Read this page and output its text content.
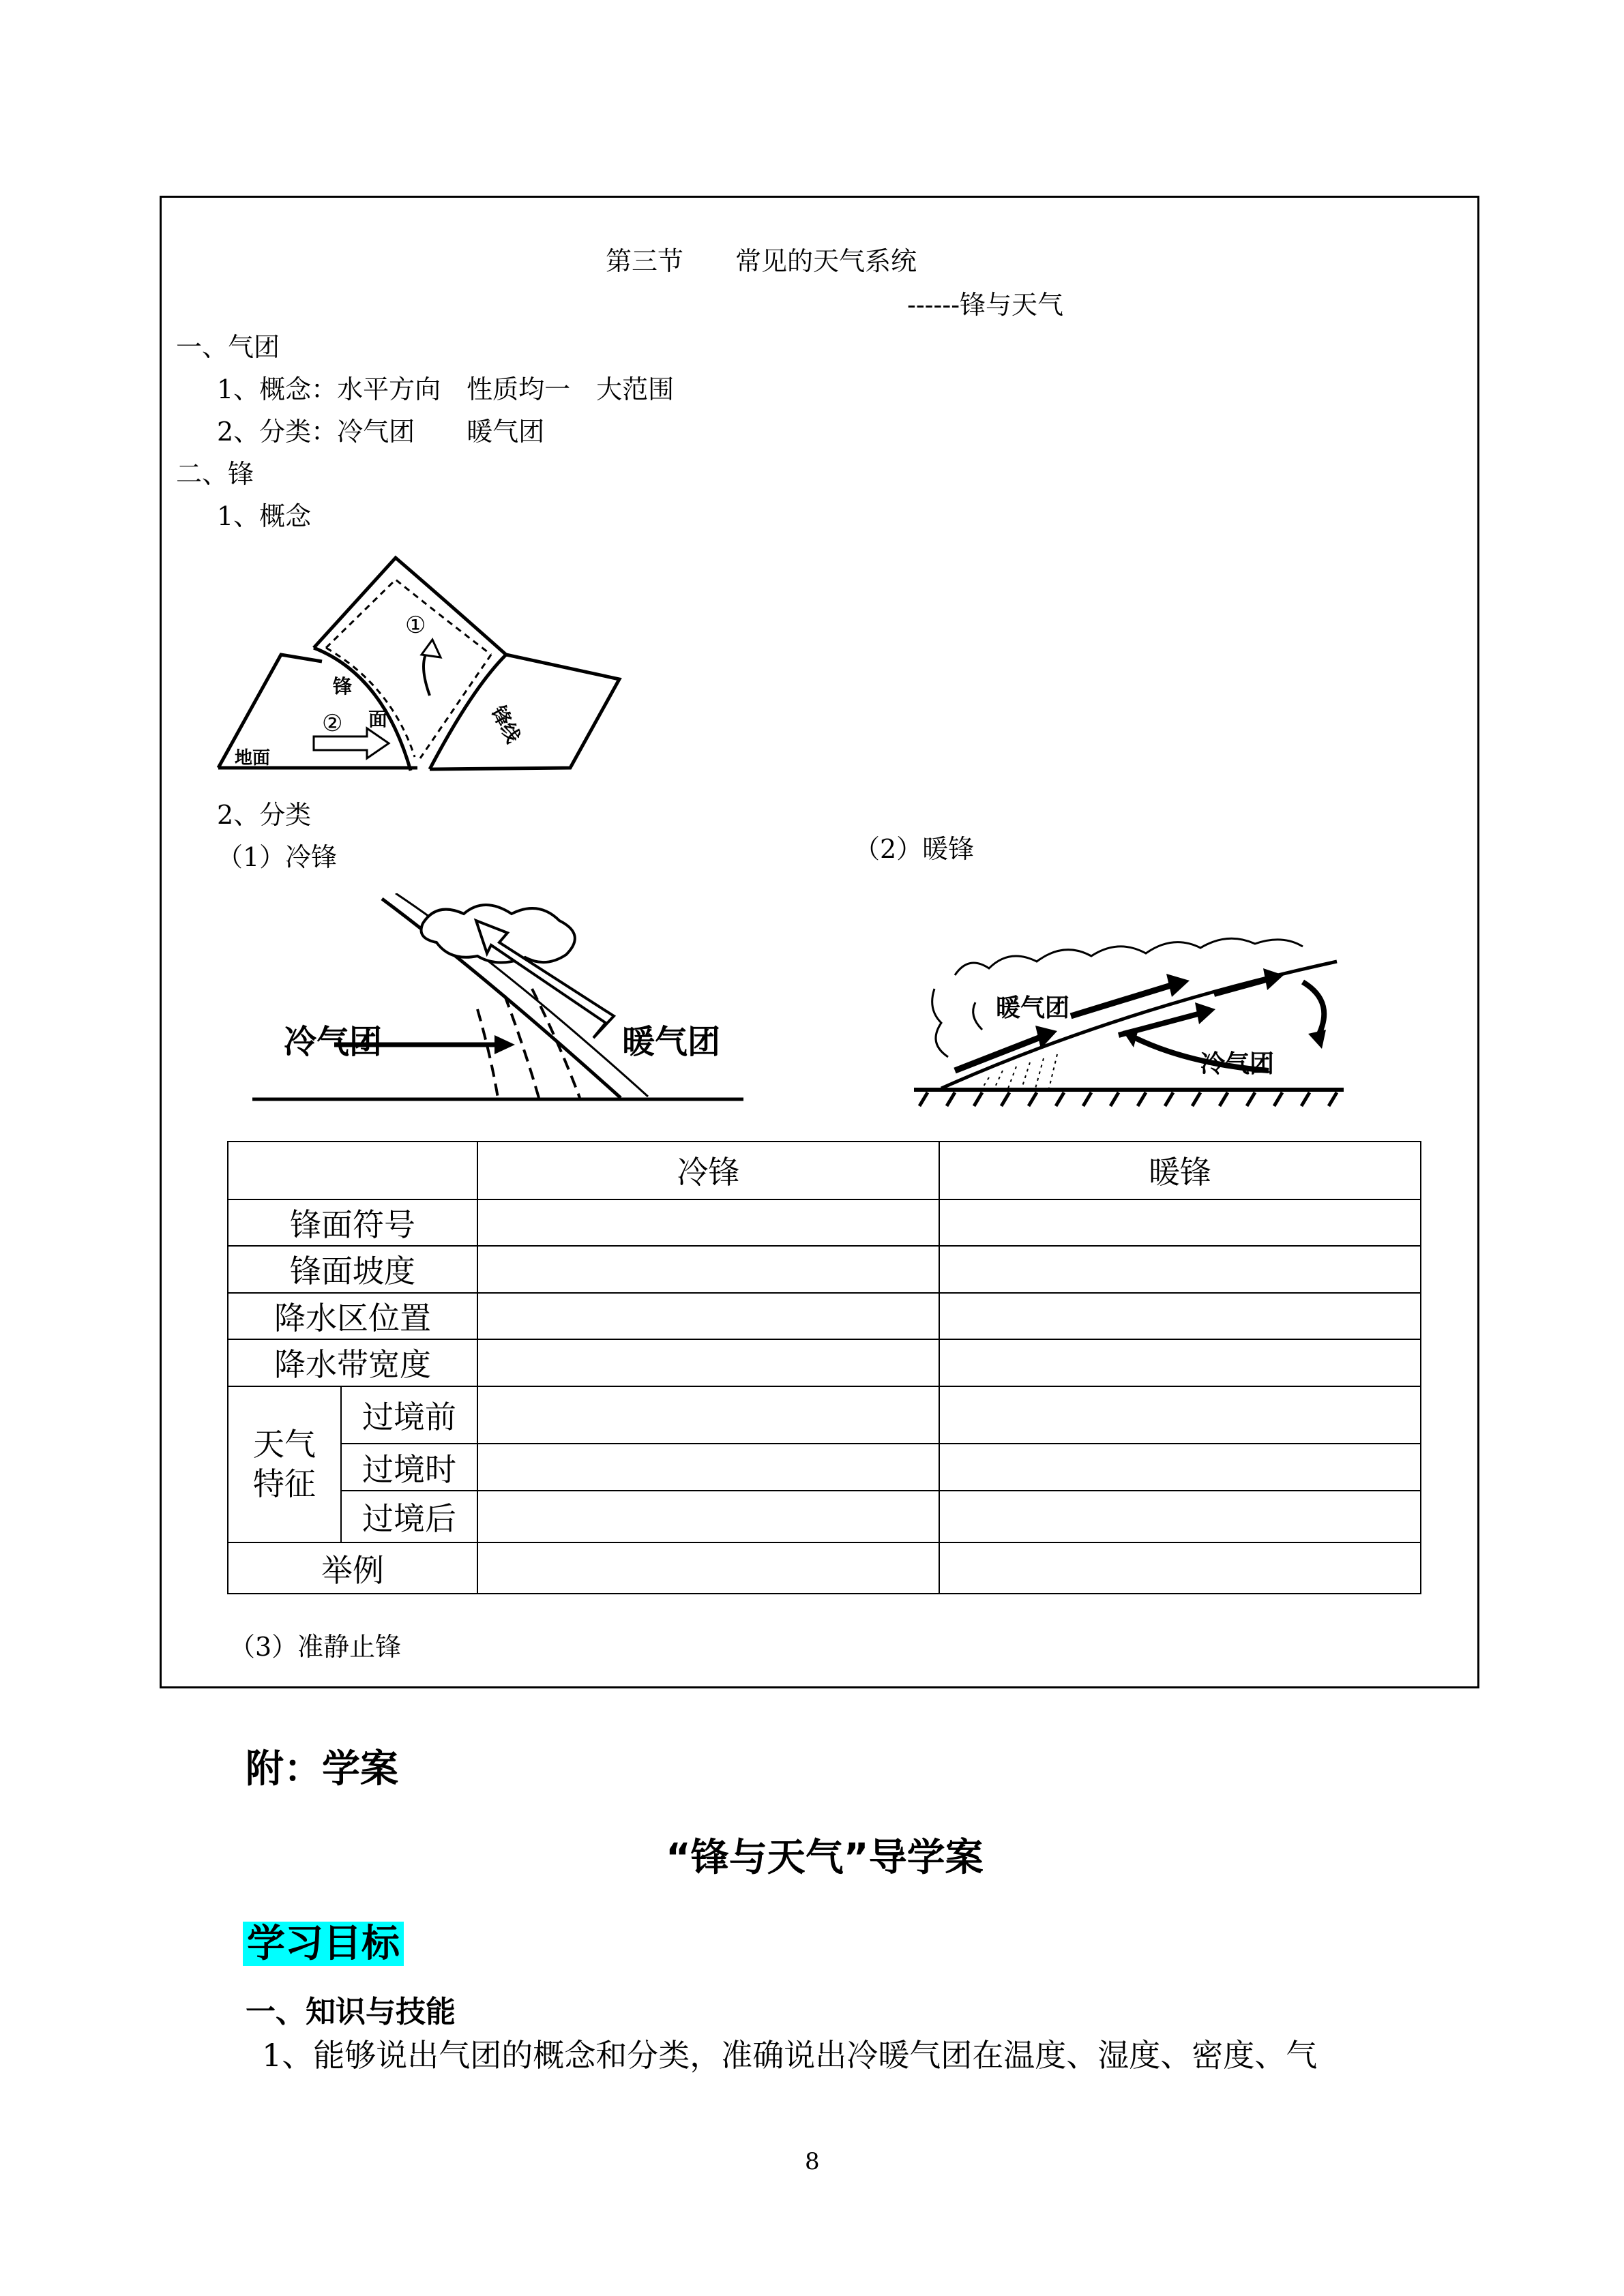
第三节　　常见的天气系统
------锋与天气
一、气团
1、概念：水平方向　性质均一　大范围
2、分类：冷气团　　暖气团
二、锋
1、概念
①
②
锋
面
地面
锋线
2、分类
（1）冷锋	（2）暖锋
冷气团	暖气团
暖气团
冷气团
		冷锋	暖锋
锋面符号			
锋面坡度			
降水区位置			
降水带宽度			
天气特征	过境前		
	过境时		
	过境后		
举例			
（3）准静止锋
附：学案
“锋与天气”导学案
学习目标
一、知识与技能
1、能够说出气团的概念和分类，准确说出冷暖气团在温度、湿度、密度、气
8
